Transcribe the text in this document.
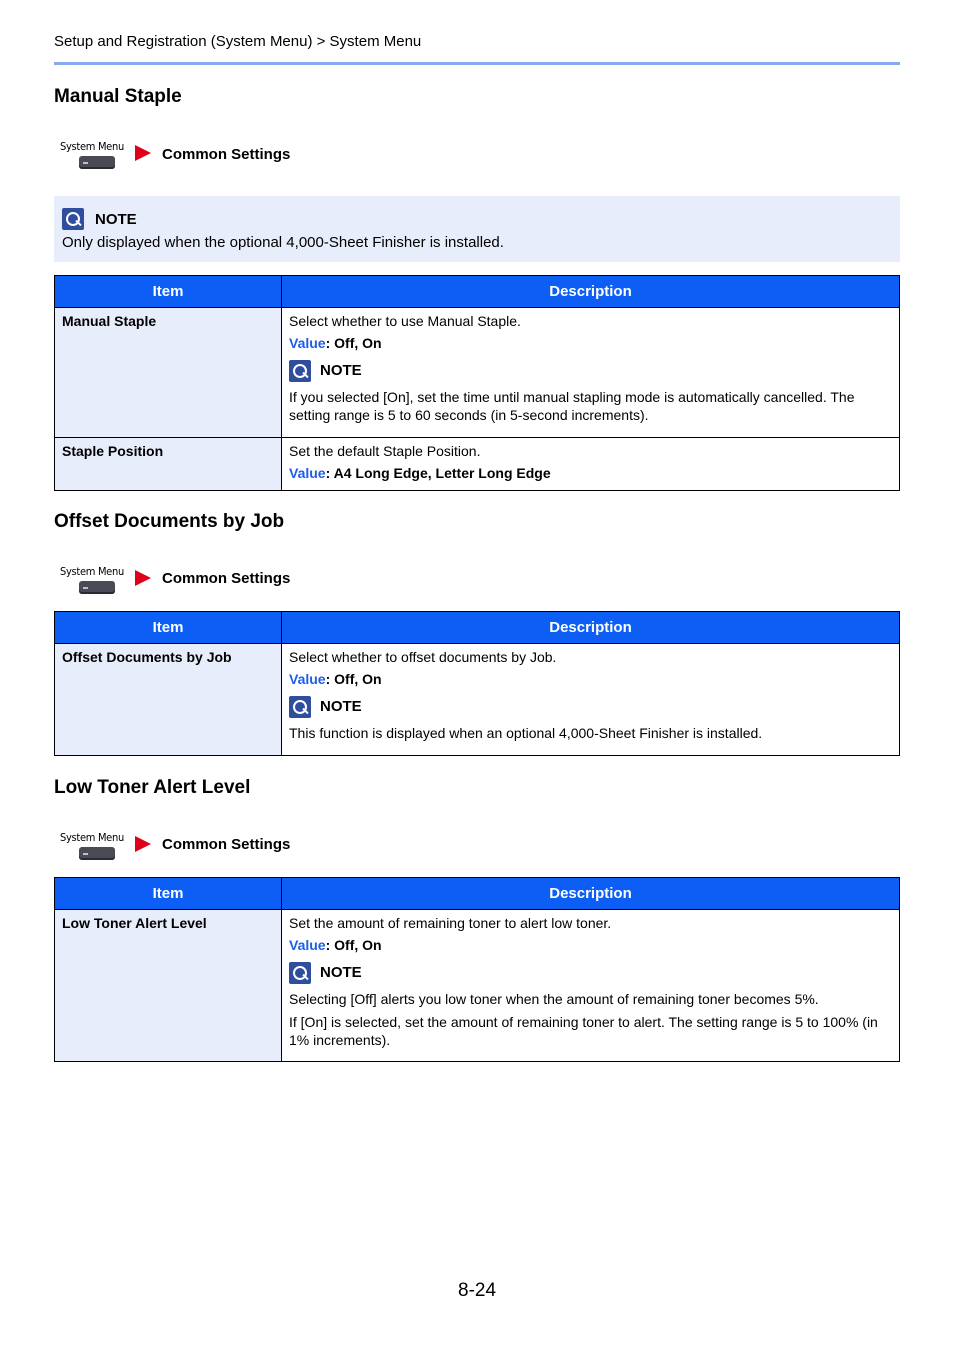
Setup and Registration (System Menu) > System Menu
Manual Staple
System Menu	Common Settings
NOTE
Only displayed when the optional 4,000-Sheet Finisher is installed.
Item	Description
Manual Staple	Select whether to use Manual Staple.
Value: Off, On
NOTE
If you selected [On], set the time until manual stapling mode is automatically cancelled. The setting range is 5 to 60 seconds (in 5-second increments).

Staple Position	Set the default Staple Position.
Value: A4 Long Edge, Letter Long Edge
Offset Documents by Job
System Menu	Common Settings
Item	Description
Offset Documents by Job	Select whether to offset documents by Job.
Value: Off, On
NOTE
This function is displayed when an optional 4,000-Sheet Finisher is installed.
Low Toner Alert Level
System Menu	Common Settings
Item	Description
Low Toner Alert Level	Set the amount of remaining toner to alert low toner.
Value: Off, On
NOTE
Selecting [Off] alerts you low toner when the amount of remaining toner becomes 5%.
If [On] is selected, set the amount of remaining toner to alert. The setting range is 5 to 100% (in 1% increments).
8-24
